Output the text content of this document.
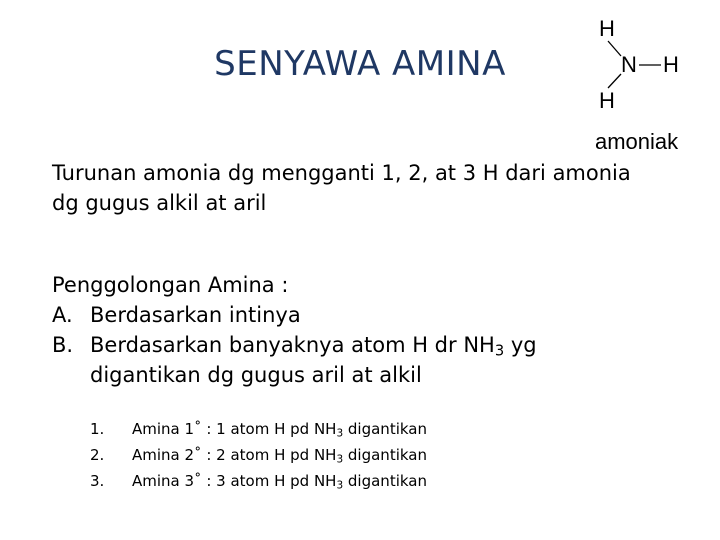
SENYAWA AMINA
H
N H
H
amoniak
Turunan amonia dg mengganti 1, 2, at 3 H dari amonia dg gugus alkil at aril
Penggolongan Amina :
A. Berdasarkan intinya
B. Berdasarkan banyaknya atom H dr $NH_3$ yg digantikan dg gugus aril at alkil
1. Amina 1˚ : 1 atom H pd $NH_3$ digantikan
2. Amina 2˚ : 2 atom H pd $NH_3$ digantikan
3. Amina 3˚ : 3 atom H pd $NH_3$ digantikan
